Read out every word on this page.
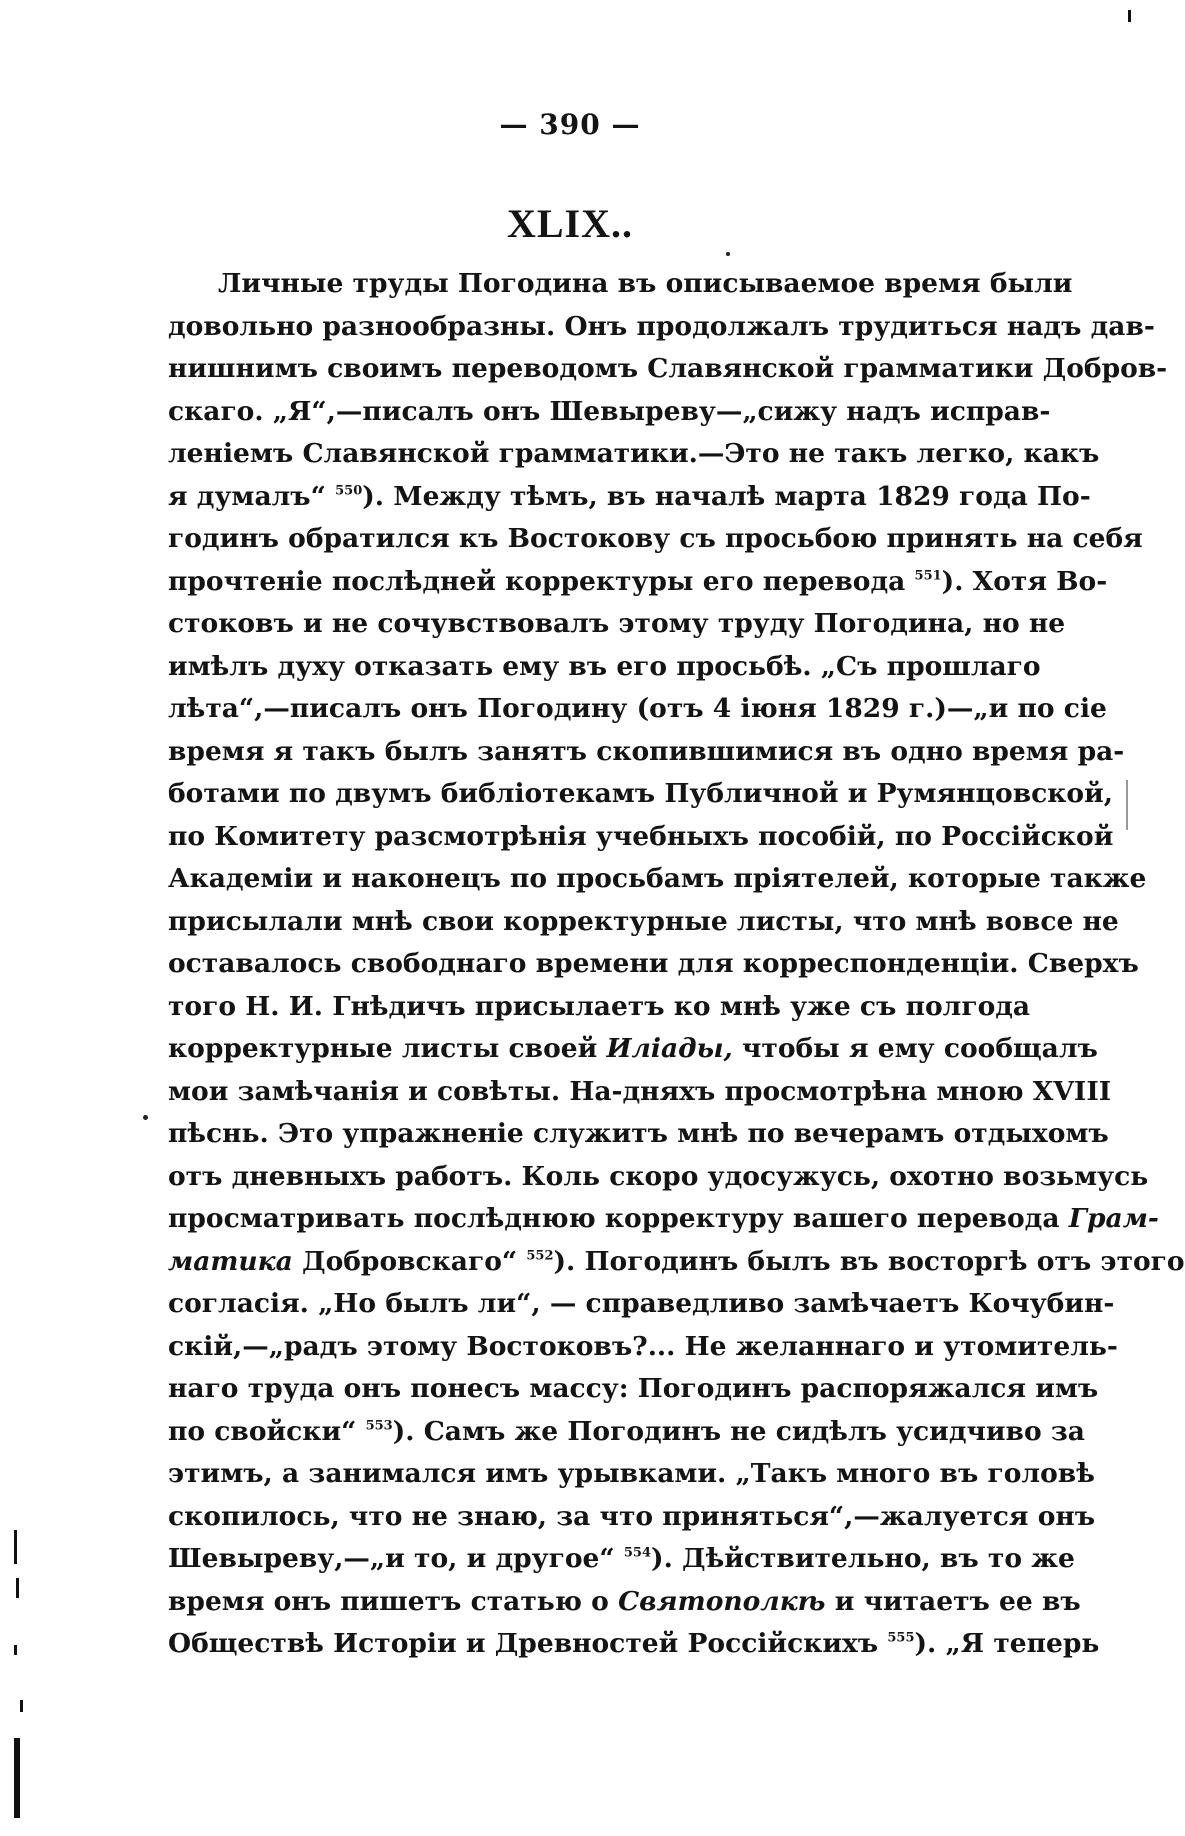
— 390 —
XLIX..
Личные труды Погодина въ описываемое время были
довольно разнообразны. Онъ продолжалъ трудиться надъ дав-
нишнимъ своимъ переводомъ Славянской грамматики Добров-
скаго. „Я“,—писалъ онъ Шевыреву—„сижу надъ исправ-
леніемъ Славянской грамматики.—Это не такъ легко, какъ
я думалъ“ $^{550}$). Между тѣмъ, въ началѣ марта 1829 года По-
годинъ обратился къ Востокову съ просьбою принять на себя
прочтеніе послѣдней корректуры его перевода $^{551}$). Хотя Во-
стоковъ и не сочувствовалъ этому труду Погодина, но не
имѣлъ духу отказать ему въ его просьбѣ. „Съ прошлаго
лѣта“,—писалъ онъ Погодину (отъ 4 іюня 1829 г.)—„и по сіе
время я такъ былъ занятъ скопившимися въ одно время ра-
ботами по двумъ библіотекамъ Публичной и Румянцовской,
по Комитету разсмотрѣнія учебныхъ пособій, по Россійской
Академіи и наконецъ по просьбамъ пріятелей, которые также
присылали мнѣ свои корректурные листы, что мнѣ вовсе не
оставалось свободнаго времени для корреспонденціи. Сверхъ
того Н. И. Гнѣдичъ присылаетъ ко мнѣ уже съ полгода
корректурные листы своей Иліады, чтобы я ему сообщалъ
мои замѣчанія и совѣты. На-дняхъ просмотрѣна мною XVIII
пѣснь. Это упражненіе служитъ мнѣ по вечерамъ отдыхомъ
отъ дневныхъ работъ. Коль скоро удосужусь, охотно возьмусь
просматривать послѣднюю корректуру вашего перевода Грам-
матика Добровскаго“ $^{552}$). Погодинъ былъ въ восторгѣ отъ этого
согласія. „Но былъ ли“, — справедливо замѣчаетъ Кочубин-
скій,—„радъ этому Востоковъ?... Не желаннаго и утомитель-
наго труда онъ понесъ массу: Погодинъ распоряжался имъ
по свойски“ $^{553}$). Самъ же Погодинъ не сидѣлъ усидчиво за
этимъ, а занимался имъ урывками. „Такъ много въ головѣ
скопилось, что не знаю, за что приняться“,—жалуется онъ
Шевыреву,—„и то, и другое“ $^{554}$). Дѣйствительно, въ то же
время онъ пишетъ статью о Святополкѣ и читаетъ ее въ
Обществѣ Исторіи и Древностей Россійскихъ $^{555}$). „Я теперь
